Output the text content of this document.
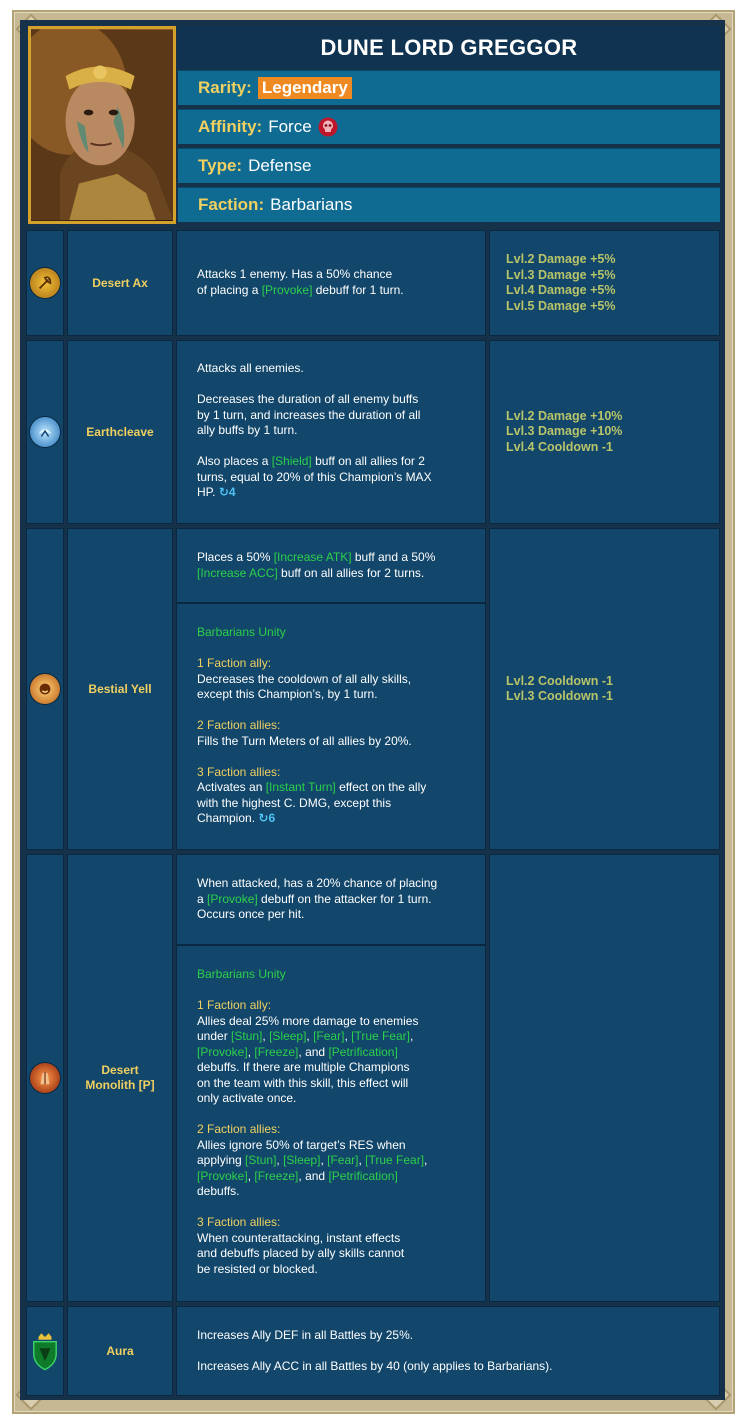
DUNE LORD GREGGOR
Rarity: Legendary
Affinity: Force
Type: Defense
Faction: Barbarians
Desert Ax

Attacks 1 enemy. Has a 50% chance

of placing a [Provoke] debuff for 1 turn.

Lvl.2 Damage +5%
Lvl.3 Damage +5%
Lvl.4 Damage +5%
Lvl.5 Damage +5%
Earthcleave

Attacks all enemies.

Decreases the duration of all enemy buffs

by 1 turn, and increases the duration of all

ally buffs by 1 turn.

Also places a [Shield] buff on all allies for 2

turns, equal to 20% of this Champion’s MAX

HP. ↻4

Lvl.2 Damage +10%
Lvl.3 Damage +10%
Lvl.4 Cooldown -1
Bestial Yell

Places a 50% [Increase ATK] buff and a 50%

[Increase ACC] buff on all allies for 2 turns.

Barbarians Unity

1 Faction ally:

Decreases the cooldown of all ally skills,

except this Champion’s, by 1 turn.

2 Faction allies:

Fills the Turn Meters of all allies by 20%.

3 Faction allies:

Activates an [Instant Turn] effect on the ally

with the highest C. DMG, except this

Champion. ↻6

Lvl.2 Cooldown -1
Lvl.3 Cooldown -1
Desert
Monolith [P]

When attacked, has a 20% chance of placing

a [Provoke] debuff on the attacker for 1 turn.

Occurs once per hit.

Barbarians Unity

1 Faction ally:

Allies deal 25% more damage to enemies

under [Stun], [Sleep], [Fear], [True Fear],

[Provoke], [Freeze], and [Petrification]

debuffs. If there are multiple Champions

on the team with this skill, this effect will

only activate once.

2 Faction allies:

Allies ignore 50% of target’s RES when

applying [Stun], [Sleep], [Fear], [True Fear],

[Provoke], [Freeze], and [Petrification]

debuffs.

3 Faction allies:

When counterattacking, instant effects

and debuffs placed by ally skills cannot

be resisted or blocked.

Aura

Increases Ally DEF in all Battles by 25%.

Increases Ally ACC in all Battles by 40 (only applies to Barbarians).
